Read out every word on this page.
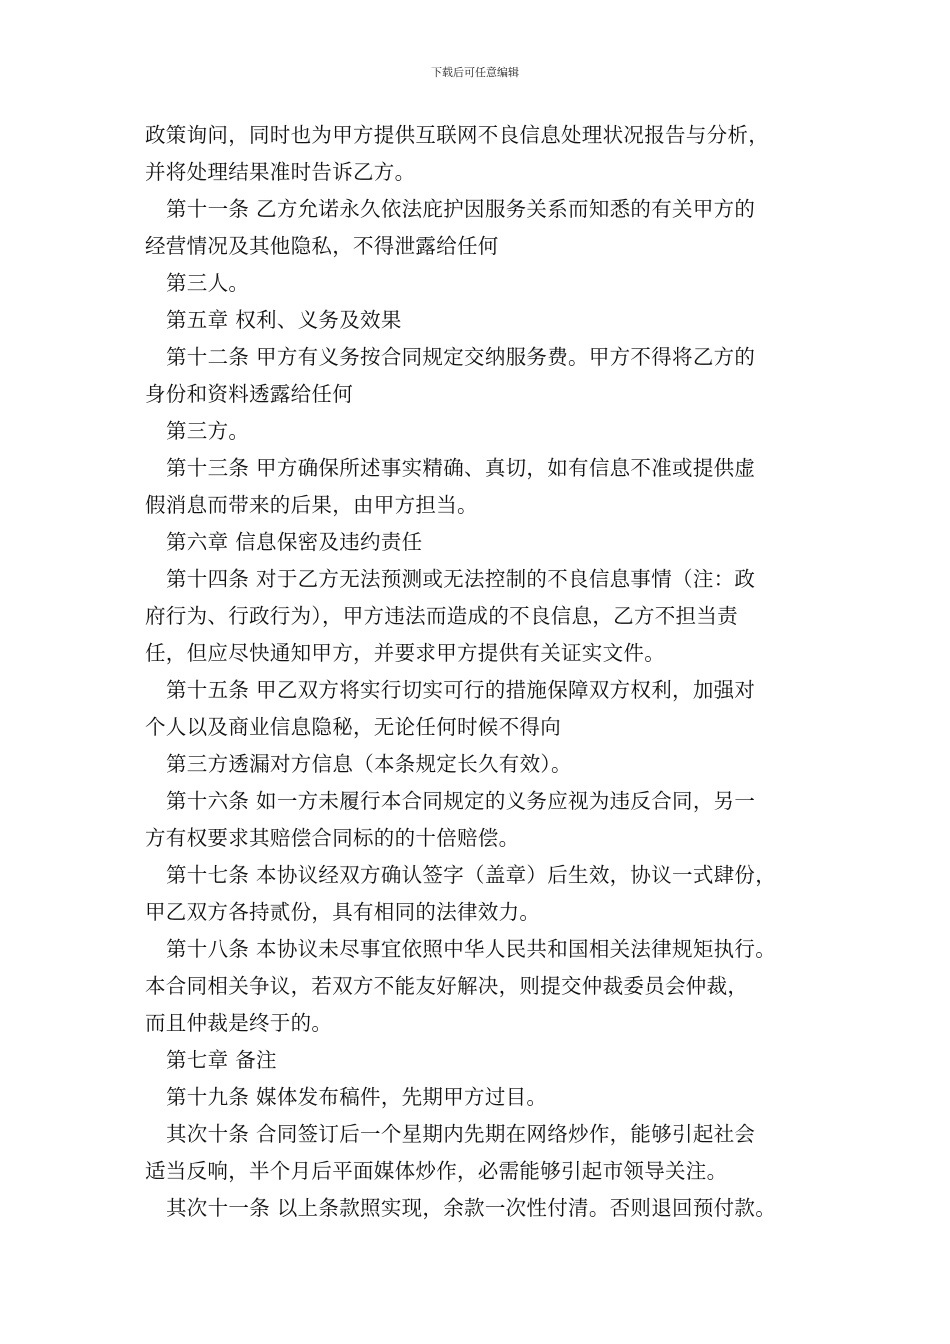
下载后可任意编辑
政策询问，同时也为甲方提供互联网不良信息处理状况报告与分析，
并将处理结果准时告诉乙方。
第十一条 乙方允诺永久依法庇护因服务关系而知悉的有关甲方的
经营情况及其他隐私，不得泄露给任何
第三人。
第五章 权利、义务及效果
第十二条 甲方有义务按合同规定交纳服务费。甲方不得将乙方的
身份和资料透露给任何
第三方。
第十三条 甲方确保所述事实精确、真切，如有信息不准或提供虚
假消息而带来的后果，由甲方担当。
第六章 信息保密及违约责任
第十四条 对于乙方无法预测或无法控制的不良信息事情（注：政
府行为、行政行为），甲方违法而造成的不良信息，乙方不担当责
任，但应尽快通知甲方，并要求甲方提供有关证实文件。
第十五条 甲乙双方将实行切实可行的措施保障双方权利，加强对
个人以及商业信息隐秘，无论任何时候不得向
第三方透漏对方信息（本条规定长久有效）。
第十六条 如一方未履行本合同规定的义务应视为违反合同，另一
方有权要求其赔偿合同标的的十倍赔偿。
第十七条 本协议经双方确认签字（盖章）后生效，协议一式肆份，
甲乙双方各持贰份，具有相同的法律效力。
第十八条 本协议未尽事宜依照中华人民共和国相关法律规矩执行。
本合同相关争议，若双方不能友好解决，则提交仲裁委员会仲裁，
而且仲裁是终于的。
第七章 备注
第十九条 媒体发布稿件，先期甲方过目。
其次十条 合同签订后一个星期内先期在网络炒作，能够引起社会
适当反响，半个月后平面媒体炒作，必需能够引起市领导关注。
其次十一条 以上条款照实现，余款一次性付清。否则退回预付款。
